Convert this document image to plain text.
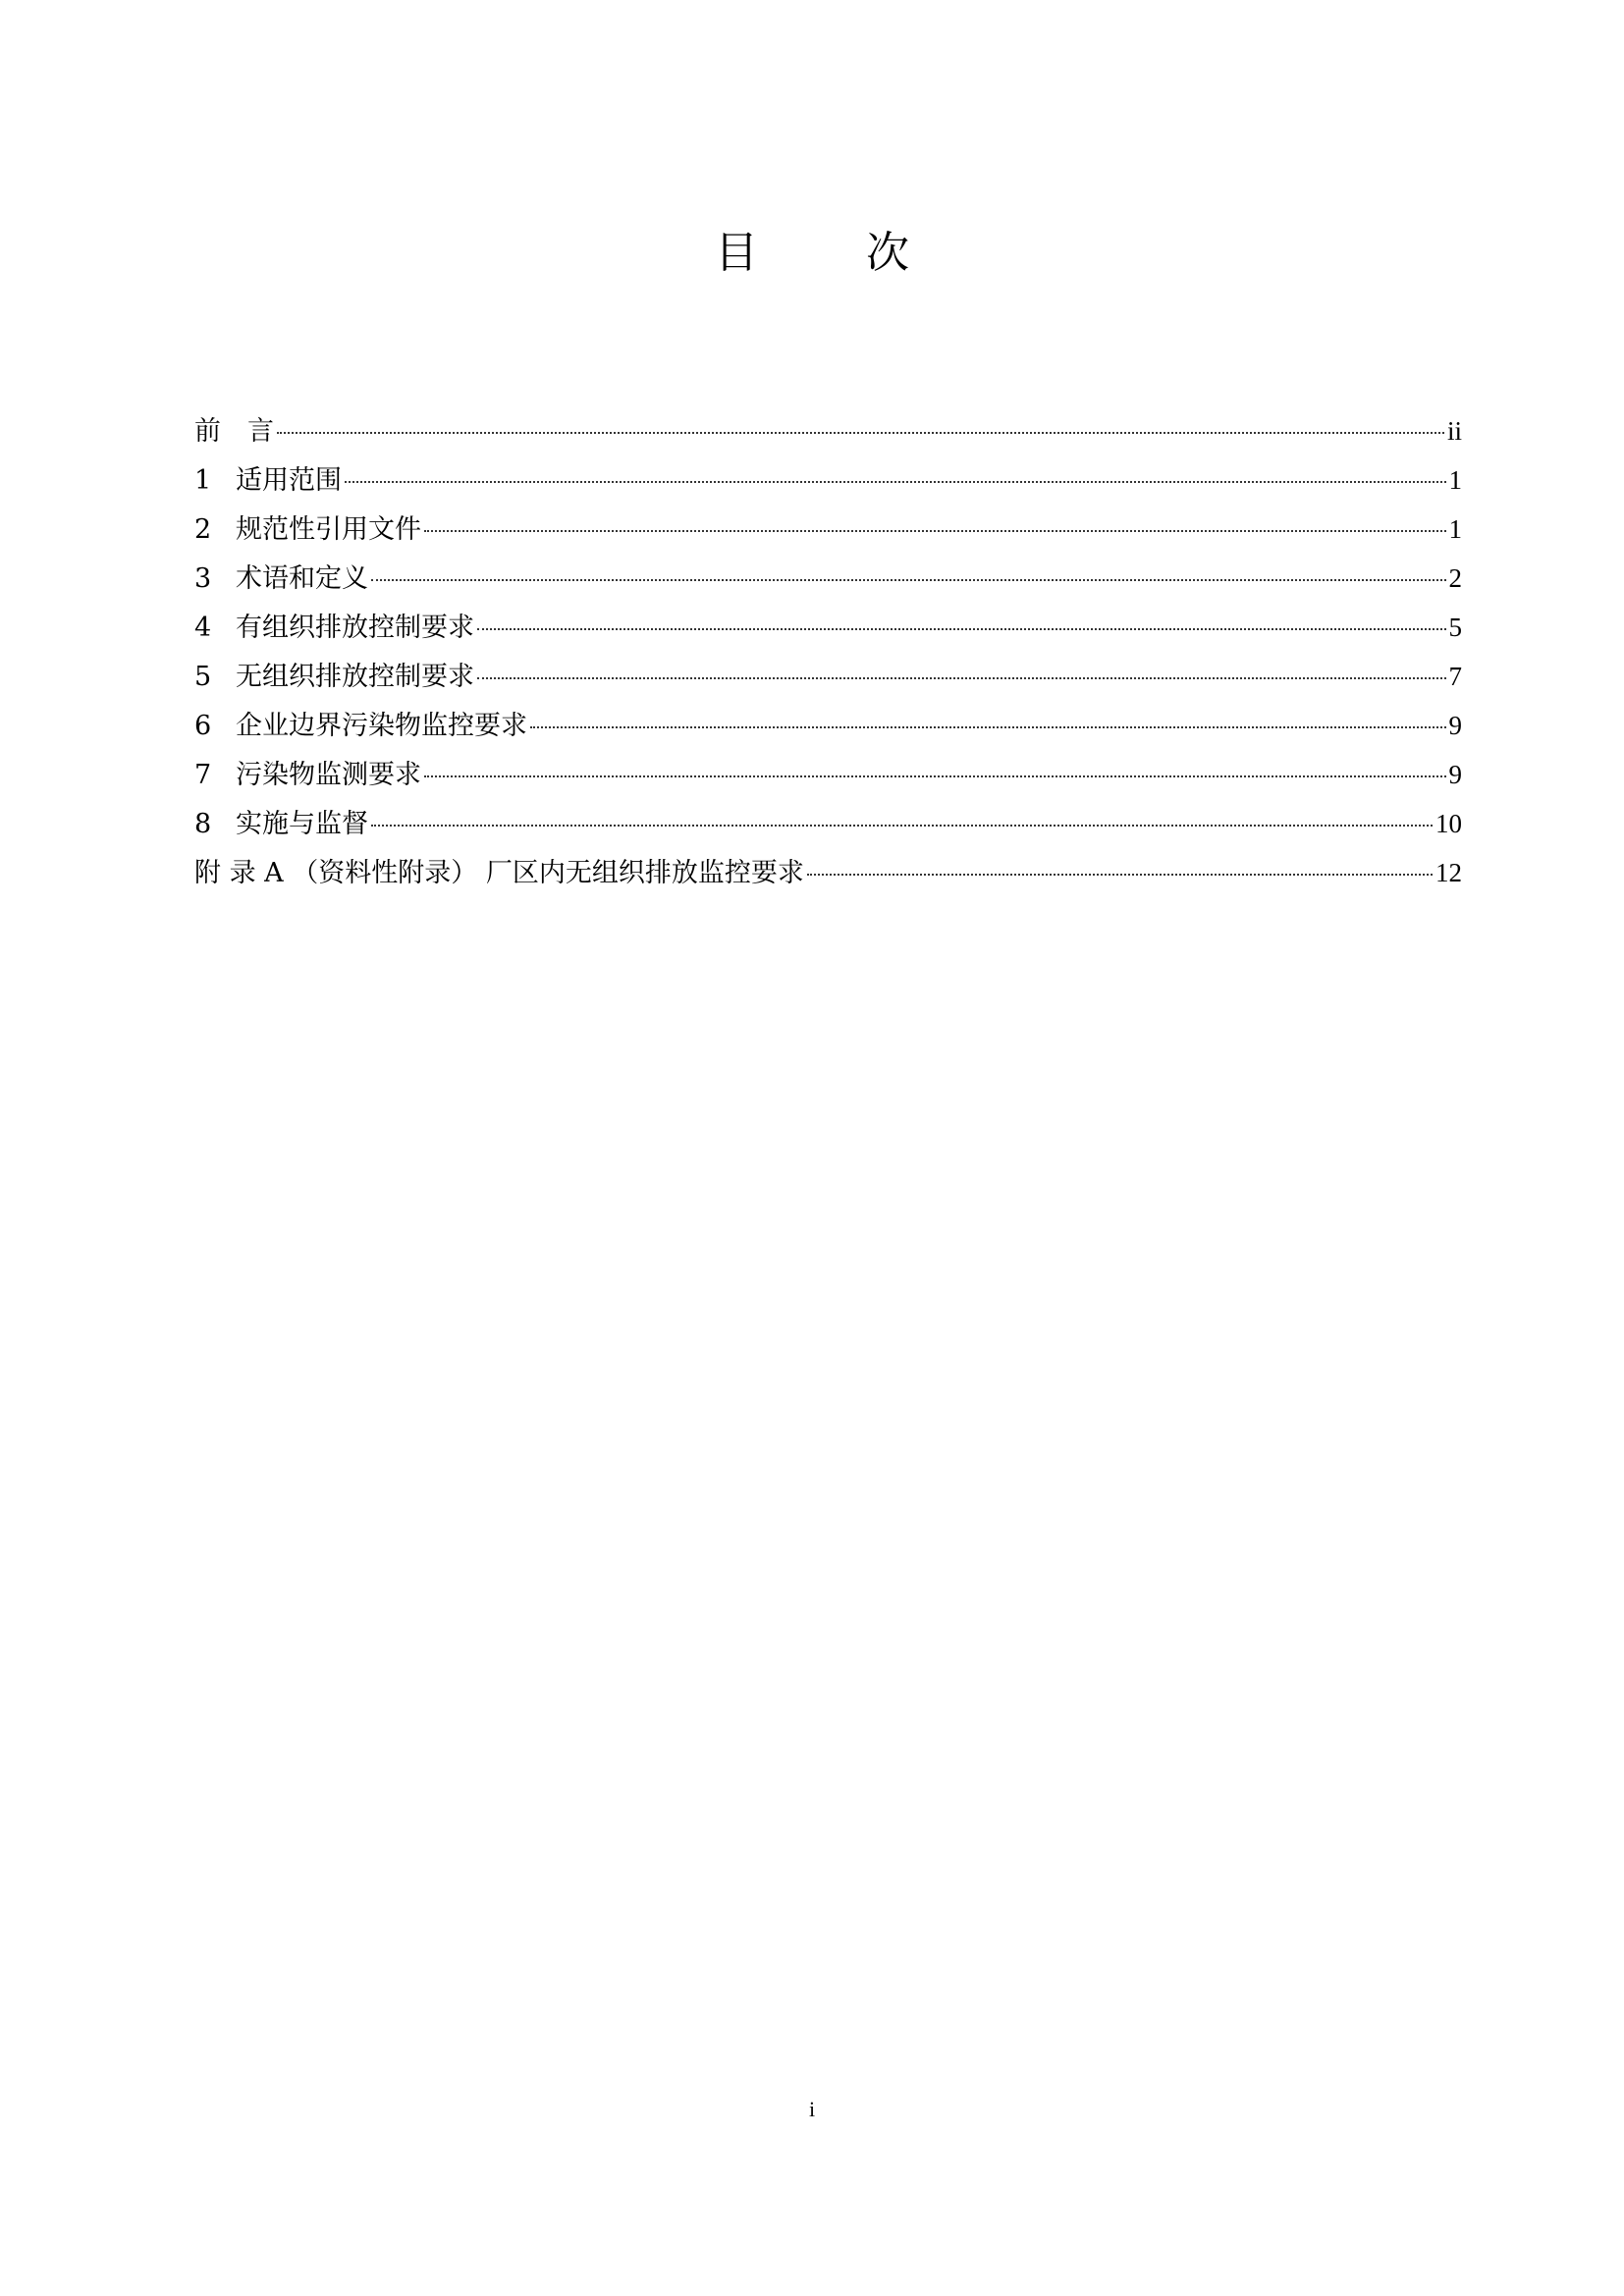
目 次
前　言	ii
1 适用范围	1
2 规范性引用文件	1
3 术语和定义	2
4 有组织排放控制要求	5
5 无组织排放控制要求	7
6 企业边界污染物监控要求	9
7 污染物监测要求	9
8 实施与监督	10
附 录 A （资料性附录） 厂区内无组织排放监控要求	12
i
